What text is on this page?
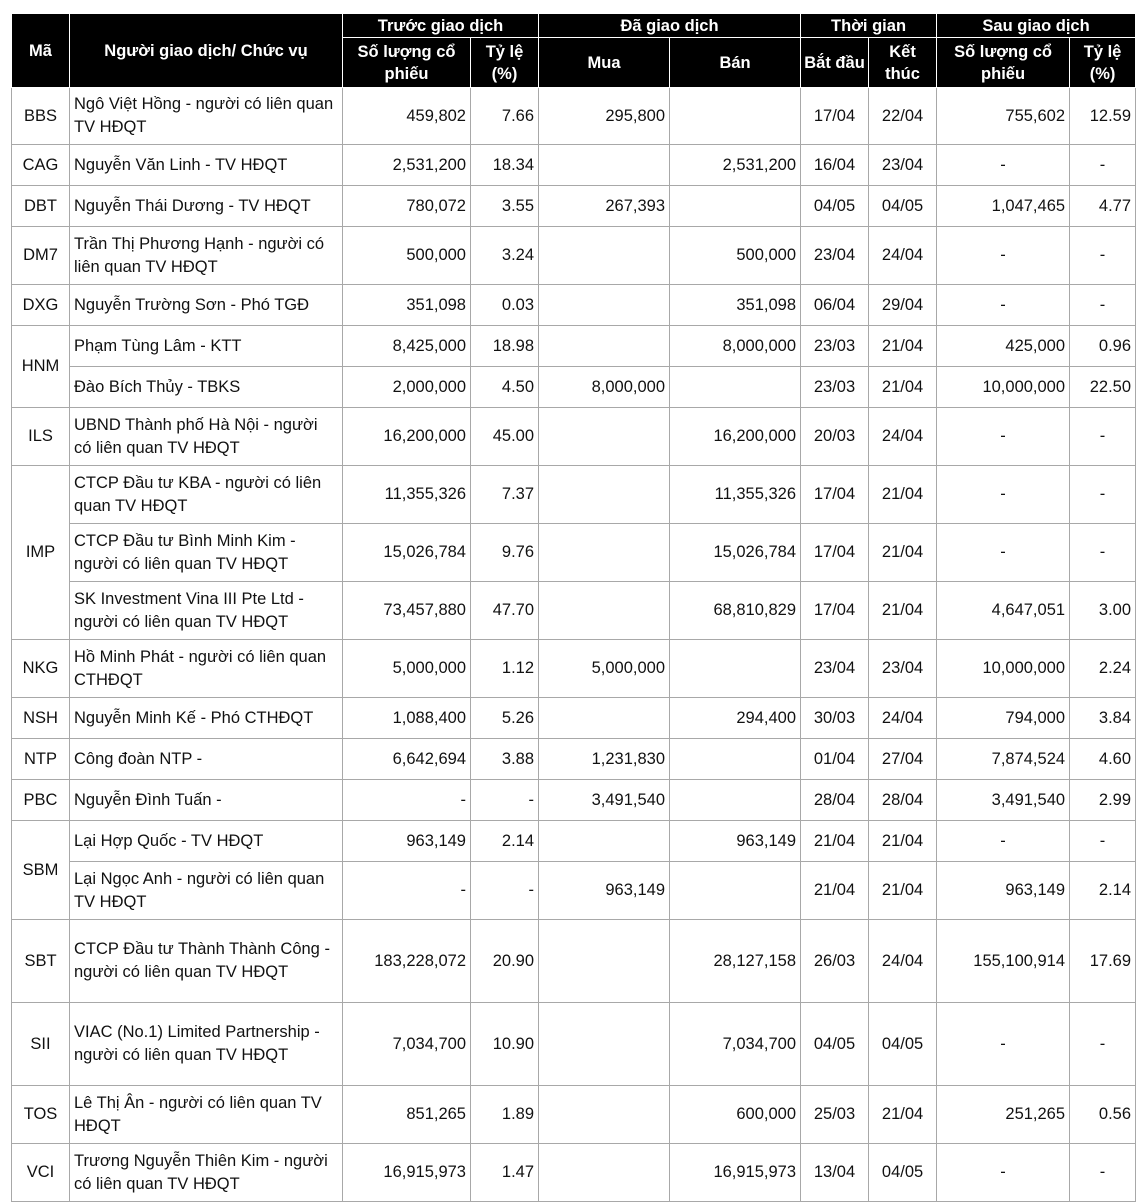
Mã	Người giao dịch/ Chức vụ	Trước giao dịch		Đã giao dịch		Thời gian		Sau giao dịch	
		Số lượng cổ phiếu	Tỷ lệ (%)	Mua	Bán	Bắt đầu	Kết thúc	Số lượng cổ phiếu	Tỷ lệ (%)
BBS	Ngô Việt Hồng - người có liên quan TV HĐQT	459,802	7.66	295,800		17/04	22/04	755,602	12.59
CAG	Nguyễn Văn Linh - TV HĐQT	2,531,200	18.34		2,531,200	16/04	23/04	-	-
DBT	Nguyễn Thái Dương - TV HĐQT	780,072	3.55	267,393		04/05	04/05	1,047,465	4.77
DM7	Trần Thị Phương Hạnh - người có liên quan TV HĐQT	500,000	3.24		500,000	23/04	24/04	-	-
DXG	Nguyễn Trường Sơn - Phó TGĐ	351,098	0.03		351,098	06/04	29/04	-	-
HNM	Phạm Tùng Lâm - KTT	8,425,000	18.98		8,000,000	23/03	21/04	425,000	0.96
	Đào Bích Thủy - TBKS	2,000,000	4.50	8,000,000		23/03	21/04	10,000,000	22.50
ILS	UBND Thành phố Hà Nội - người có liên quan TV HĐQT	16,200,000	45.00		16,200,000	20/03	24/04	-	-
IMP	CTCP Đầu tư KBA - người có liên quan TV HĐQT	11,355,326	7.37		11,355,326	17/04	21/04	-	-
	CTCP Đầu tư Bình Minh Kim - người có liên quan TV HĐQT	15,026,784	9.76		15,026,784	17/04	21/04	-	-
	SK Investment Vina III Pte Ltd - người có liên quan TV HĐQT	73,457,880	47.70		68,810,829	17/04	21/04	4,647,051	3.00
NKG	Hồ Minh Phát - người có liên quan CTHĐQT	5,000,000	1.12	5,000,000		23/04	23/04	10,000,000	2.24
NSH	Nguyễn Minh Kế - Phó CTHĐQT	1,088,400	5.26		294,400	30/03	24/04	794,000	3.84
NTP	Công đoàn NTP -	6,642,694	3.88	1,231,830		01/04	27/04	7,874,524	4.60
PBC	Nguyễn Đình Tuấn -	-	-	3,491,540		28/04	28/04	3,491,540	2.99
SBM	Lại Hợp Quốc - TV HĐQT	963,149	2.14		963,149	21/04	21/04	-	-
	Lại Ngọc Anh - người có liên quan TV HĐQT	-	-	963,149		21/04	21/04	963,149	2.14
SBT	CTCP Đầu tư Thành Thành Công - người có liên quan TV HĐQT	183,228,072	20.90		28,127,158	26/03	24/04	155,100,914	17.69
SII	VIAC (No.1) Limited Partnership - người có liên quan TV HĐQT	7,034,700	10.90		7,034,700	04/05	04/05	-	-
TOS	Lê Thị Ân - người có liên quan TV HĐQT	851,265	1.89		600,000	25/03	21/04	251,265	0.56
VCI	Trương Nguyễn Thiên Kim - người có liên quan TV HĐQT	16,915,973	1.47		16,915,973	13/04	04/05	-	-
